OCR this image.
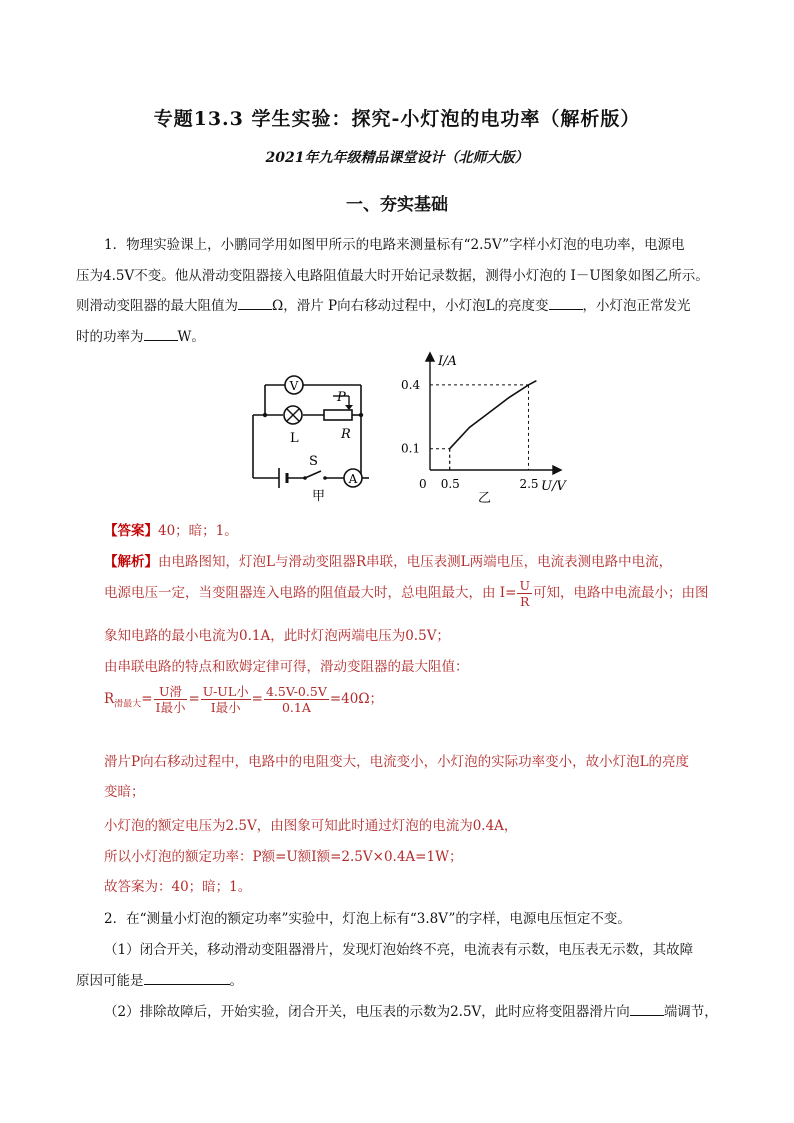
专题13.3 学生实验：探究-小灯泡的电功率（解析版）
2021年九年级精品课堂设计（北师大版）
一、夯实基础
1．物理实验课上，小鹏同学用如图甲所示的电路来测量标有“2.5V”字样小灯泡的电功率，电源电
压为4.5V不变。他从滑动变阻器接入电路阻值最大时开始记录数据，测得小灯泡的 I－U图象如图乙所示。
则滑动变阻器的最大阻值为	Ω，滑片 P向右移动过程中，小灯泡L的亮度变	，小灯泡正常发光
时的功率为	W。
V
L
P
R
S
A
甲
0.5	2.5
0.1
0.4
I/A
U/V
0
乙
【答案】40；暗；1。
【解析】由电路图知，灯泡L与滑动变阻器R串联，电压表测L两端电压，电流表测电路中电流，
电源电压一定，当变阻器连入电路的阻值最大时，总电阻最大，由 $I= \frac{U}{R}$ 可知，电路中电流最小；由图
象知电路的最小电流为0.1A，此时灯泡两端电压为0.5V；
由串联电路的特点和欧姆定律可得，滑动变阻器的最大阻值：
$R_{滑最大}= \frac{\text{U滑}}{\text{I最小}} = \frac{\text{U-UL小}}{\text{I最小}} = \frac{4.5V-0.5V}{0.1A} =40\Omega$；
滑片P向右移动过程中，电路中的电阻变大，电流变小，小灯泡的实际功率变小，故小灯泡L的亮度
变暗；
小灯泡的额定电压为2.5V，由图象可知此时通过灯泡的电流为0.4A，
所以小灯泡的额定功率：P额=U额I额=2.5V×0.4A=1W；
故答案为：40；暗；1。
2．在“测量小灯泡的额定功率”实验中，灯泡上标有“3.8V”的字样，电源电压恒定不变。
（1）闭合开关，移动滑动变阻器滑片，发现灯泡始终不亮，电流表有示数，电压表无示数，其故障
原因可能是	。
（2）排除故障后，开始实验，闭合开关，电压表的示数为2.5V，此时应将变阻器滑片向	端调节，
